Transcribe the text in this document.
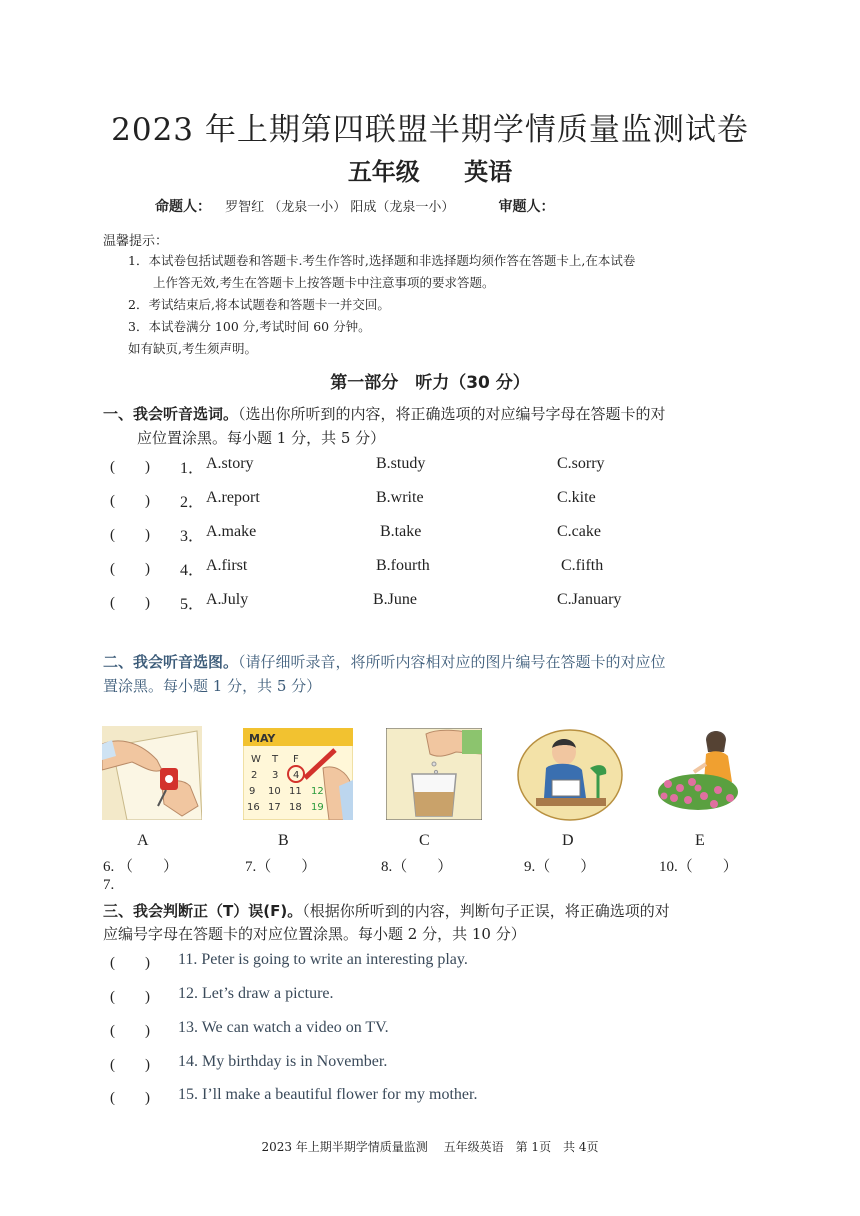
2023 年上期第四联盟半期学情质量监测试卷
五年级 英语
命题人： 罗智红 （龙泉一小） 阳成（龙泉一小）	审题人：
温馨提示：
1．本试卷包括试题卷和答题卡.考生作答时,选择题和非选择题均须作答在答题卡上,在本试卷
上作答无效,考生在答题卡上按答题卡中注意事项的要求答题。
2．考试结束后,将本试题卷和答题卡一并交回。
3．本试卷满分 100 分,考试时间 60 分钟。
如有缺页,考生须声明。
第一部分　听力（30 分）
一、我会听音选词。（选出你所听到的内容，将正确选项的对应编号字母在答题卡的对
应位置涂黑。每小题 1 分，共 5 分）
(　　) 1． A.story	B.study	C.sorry
(　　) 2． A.report	B.write	C.kite
(　　) 3． A.make	B.take	C.cake
(　　) 4． A.first	B.fourth	C.fifth
(　　) 5． A.July	B.June	C.January
二、我会听音选图。（请仔细听录音，将所听内容相对应的图片编号在答题卡的对应位
置涂黑。每小题 1 分，共 5 分）
MAY
W T F
2 3 4
9 10 11 12
16 17 18 19
A	B	C	D	E
6. （　　）	7.（　　）	8.（　　）	9.（　　）	10.（　　）
7.
三、我会判断正（T）误(F)。（根据你所听到的内容，判断句子正误，将正确选项的对
应编号字母在答题卡的对应位置涂黑。每小题 2 分，共 10 分）
(　　) 11. Peter is going to write an interesting play.
(　　) 12. Let’s draw a picture.
(　　) 13. We can watch a video on TV.
(　　) 14. My birthday is in November.
(　　) 15. I’ll make a beautiful flower for my mother.
2023 年上期半期学情质量监测　 五年级英语　第 1页　共 4页
